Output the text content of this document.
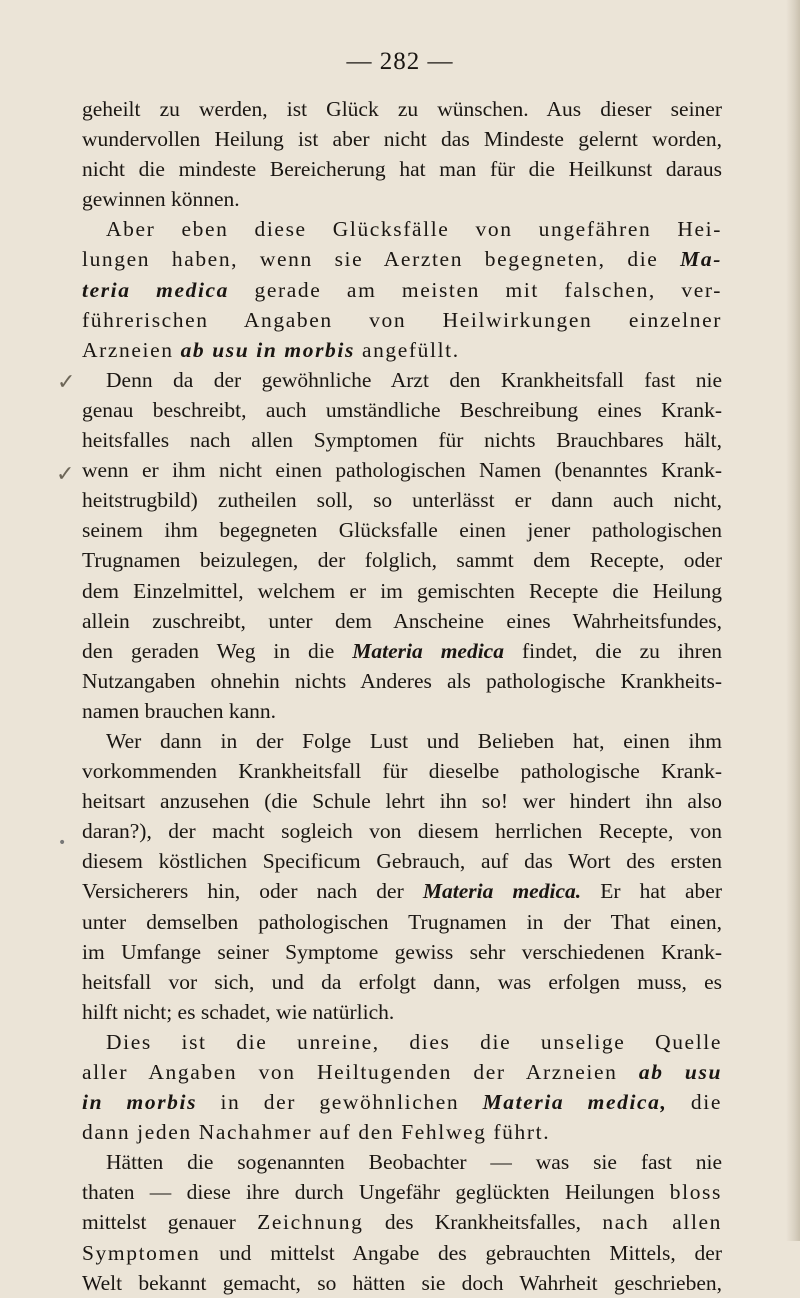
— 282 —
✓
✓
•
geheilt zu werden, ist Glück zu wünschen. Aus dieser seiner
wundervollen Heilung ist aber nicht das Mindeste gelernt worden,
nicht die mindeste Bereicherung hat man für die Heilkunst daraus
gewinnen können.
Aber eben diese Glücksfälle von ungefähren Hei-
lungen haben, wenn sie Aerzten begegneten, die Ma-
teria medica gerade am meisten mit falschen, ver-
führerischen Angaben von Heilwirkungen einzelner
Arzneien ab usu in morbis angefüllt.
Denn da der gewöhnliche Arzt den Krankheitsfall fast nie
genau beschreibt, auch umständliche Beschreibung eines Krank-
heitsfalles nach allen Symptomen für nichts Brauchbares hält,
wenn er ihm nicht einen pathologischen Namen (benanntes Krank-
heitstrugbild) zutheilen soll, so unterlässt er dann auch nicht,
seinem ihm begegneten Glücksfalle einen jener pathologischen
Trugnamen beizulegen, der folglich, sammt dem Recepte, oder
dem Einzelmittel, welchem er im gemischten Recepte die Heilung
allein zuschreibt, unter dem Anscheine eines Wahrheitsfundes,
den geraden Weg in die Materia medica findet, die zu ihren
Nutzangaben ohnehin nichts Anderes als pathologische Krankheits-
namen brauchen kann.
Wer dann in der Folge Lust und Belieben hat, einen ihm
vorkommenden Krankheitsfall für dieselbe pathologische Krank-
heitsart anzusehen (die Schule lehrt ihn so! wer hindert ihn also
daran?), der macht sogleich von diesem herrlichen Recepte, von
diesem köstlichen Specificum Gebrauch, auf das Wort des ersten
Versicherers hin, oder nach der Materia medica. Er hat aber
unter demselben pathologischen Trugnamen in der That einen,
im Umfange seiner Symptome gewiss sehr verschiedenen Krank-
heitsfall vor sich, und da erfolgt dann, was erfolgen muss, es
hilft nicht; es schadet, wie natürlich.
Dies ist die unreine, dies die unselige Quelle
aller Angaben von Heiltugenden der Arzneien ab usu
in morbis in der gewöhnlichen Materia medica, die
dann jeden Nachahmer auf den Fehlweg führt.
Hätten die sogenannten Beobachter — was sie fast nie
thaten — diese ihre durch Ungefähr geglückten Heilungen bloss
mittelst genauer Zeichnung des Krankheitsfalles, nach allen
Symptomen und mittelst Angabe des gebrauchten Mittels, der
Welt bekannt gemacht, so hätten sie doch Wahrheit geschrieben,
